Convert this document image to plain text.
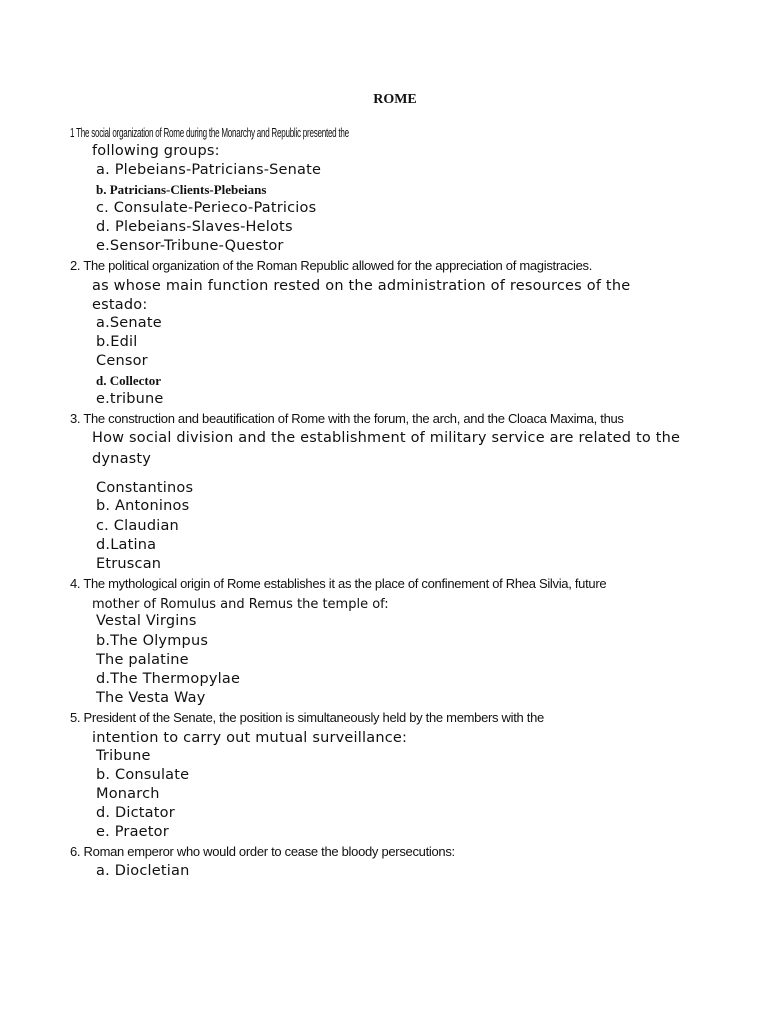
ROME
1 The social organization of Rome during the Monarchy and Republic presented the
following groups:
a. Plebeians-Patricians-Senate
b. Patricians-Clients-Plebeians
c. Consulate-Perieco-Patricios
d. Plebeians-Slaves-Helots
e.Sensor-Tribune-Questor
2. The political organization of the Roman Republic allowed for the appreciation of magistracies.
as whose main function rested on the administration of resources of the
estado:
a.Senate
b.Edil
Censor
d. Collector
e.tribune
3. The construction and beautification of Rome with the forum, the arch, and the Cloaca Maxima, thus
How social division and the establishment of military service are related to the
dynasty
Constantinos
b. Antoninos
c. Claudian
d.Latina
Etruscan
4. The mythological origin of Rome establishes it as the place of confinement of Rhea Silvia, future
mother of Romulus and Remus the temple of:
Vestal Virgins
b.The Olympus
The palatine
d.The Thermopylae
The Vesta Way
5. President of the Senate, the position is simultaneously held by the members with the
intention to carry out mutual surveillance:
Tribune
b. Consulate
Monarch
d. Dictator
e. Praetor
6. Roman emperor who would order to cease the bloody persecutions:
a. Diocletian
